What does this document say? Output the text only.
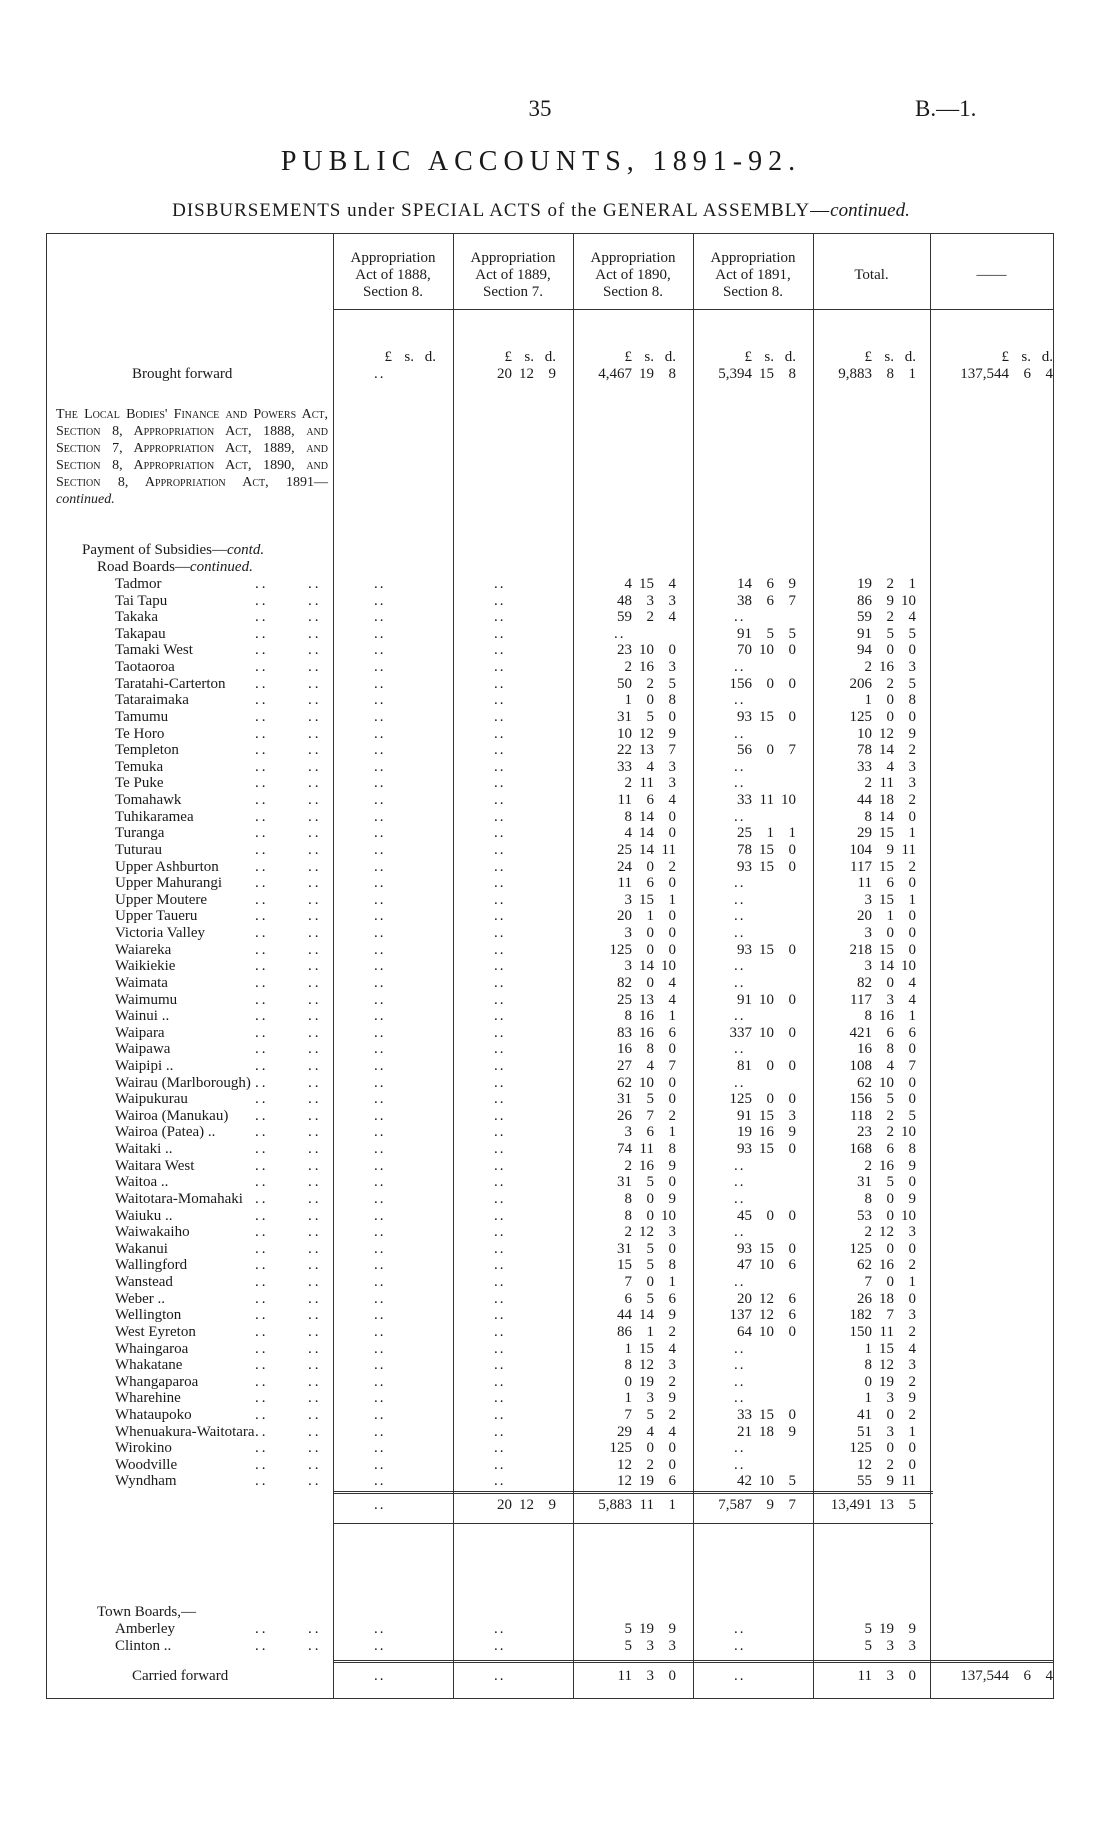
35	B.—1.
PUBLIC ACCOUNTS, 1891-92.
DISBURSEMENTS under SPECIAL ACTS of the GENERAL ASSEMBLY—continued.
Appropriation
Act of 1888,
Section 8.
Appropriation
Act of 1889,
Section 7.
Appropriation
Act of 1890,
Section 8.
Appropriation
Act of 1891,
Section 8.
Total.	——
£ s. d.	£ s. d.	£ s. d.	£ s. d.	£ s. d.	£ s. d.
Brought forward	..	20 12 9	4,467 19 8	5,394 15 8	9,883 8 1	137,544 6 4
Tadmor	..	..	..	..	4 15 4	14 6 9	19 2 1
Tai Tapu	..	..	..	..	48 3 3	38 6 7	86 9 10
Takaka	..	..	..	..	59 2 4	..	59 2 4
Takapau	..	..	..	..	..	91 5 5	91 5 5
Tamaki West	..	..	..	..	23 10 0	70 10 0	94 0 0
Taotaoroa	..	..	..	..	2 16 3	..	2 16 3
Taratahi-Carterton ..	..	..	..	50 2 5	156 0 0	206 2 5
Tataraimaka	..	..	..	..	1 0 8	..	1 0 8
Tamumu	..	..	..	..	31 5 0	93 15 0	125 0 0
Te Horo	..	..	..	..	10 12 9	..	10 12 9
Templeton	..	..	..	..	22 13 7	56 0 7	78 14 2
Temuka	..	..	..	..	33 4 3	..	33 4 3
Te Puke	..	..	..	..	2 11 3	..	2 11 3
Tomahawk	..	..	..	..	11 6 4	33 11 10	44 18 2
Tuhikaramea	..	..	..	..	8 14 0	..	8 14 0
Turanga	..	..	..	..	4 14 0	25 1 1	29 15 1
Tuturau	..	..	..	..	25 14 11	78 15 0	104 9 11
Upper Ashburton ..	..	..	..	24 0 2	93 15 0	117 15 2
Upper Mahurangi ..	..	..	..	11 6 0	..	11 6 0
Upper Moutere	..	..	..	..	3 15 1	..	3 15 1
Upper Taueru	..	..	..	..	20 1 0	..	20 1 0
Victoria Valley	..	..	..	..	3 0 0	..	3 0 0
Waiareka	..	..	..	..	125 0 0	93 15 0	218 15 0
Waikiekie	..	..	..	..	3 14 10	..	3 14 10
Waimata	..	..	..	..	82 0 4	..	82 0 4
Waimumu	..	..	..	..	25 13 4	91 10 0	117 3 4
Wainui ..	..	..	..	..	8 16 1	..	8 16 1
Waipara	..	..	..	..	83 16 6	337 10 0	421 6 6
Waipawa	..	..	..	..	16 8 0	..	16 8 0
Waipipi ..	..	..	..	..	27 4 7	81 0 0	108 4 7
Wairau (Marlborough) ..	..	..	..	62 10 0	..	62 10 0
Waipukurau	..	..	..	..	31 5 0	125 0 0	156 5 0
Wairoa (Manukau) ..	..	..	..	26 7 2	91 15 3	118 2 5
Wairoa (Patea) ..	..	..	..	..	3 6 1	19 16 9	23 2 10
Waitaki ..	..	..	..	..	74 11 8	93 15 0	168 6 8
Waitara West	..	..	..	..	2 16 9	..	2 16 9
Waitoa ..	..	..	..	..	31 5 0	..	31 5 0
Waitotara-Momahaki ..	..	..	..	8 0 9	..	8 0 9
Waiuku ..	..	..	..	..	8 0 10	45 0 0	53 0 10
Waiwakaiho	..	..	..	..	2 12 3	..	2 12 3
Wakanui	..	..	..	..	31 5 0	93 15 0	125 0 0
Wallingford	..	..	..	..	15 5 8	47 10 6	62 16 2
Wanstead	..	..	..	..	7 0 1	..	7 0 1
Weber ..	..	..	..	..	6 5 6	20 12 6	26 18 0
Wellington	..	..	..	..	44 14 9	137 12 6	182 7 3
West Eyreton	..	..	..	..	86 1 2	64 10 0	150 11 2
Whaingaroa	..	..	..	..	1 15 4	..	1 15 4
Whakatane	..	..	..	..	8 12 3	..	8 12 3
Whangaparoa	..	..	..	..	0 19 2	..	0 19 2
Wharehine	..	..	..	..	1 3 9	..	1 3 9
Whataupoko	..	..	..	..	7 5 2	33 15 0	41 0 2
Whenuakura-Waitotara ..	..	..	..	29 4 4	21 18 9	51 3 1
Wirokino	..	..	..	..	125 0 0	..	125 0 0
Woodville	..	..	..	..	12 2 0	..	12 2 0
Wyndham	..	..	..	..	12 19 6	42 10 5	55 9 11
..	20 12 9	5,883 11 1	7,587 9 7	13,491 13 5
Amberley	..	..	..	..	5 19 9	..	5 19 9
Clinton ..	..	..	..	..	5 3 3	..	5 3 3
Carried forward	..	..	11 3 0	..	11 3 0	137,544 6 4
The Local Bodies' Finance and Powers Act, Section 8, Appropriation Act, 1888, and Section 7, Appropriation Act, 1889, and Section 8, Appropriation Act, 1890, and Section 8, Appropriation Act, 1891—continued.
Payment of Subsidies—contd.
Road Boards—continued.
Town Boards,—
